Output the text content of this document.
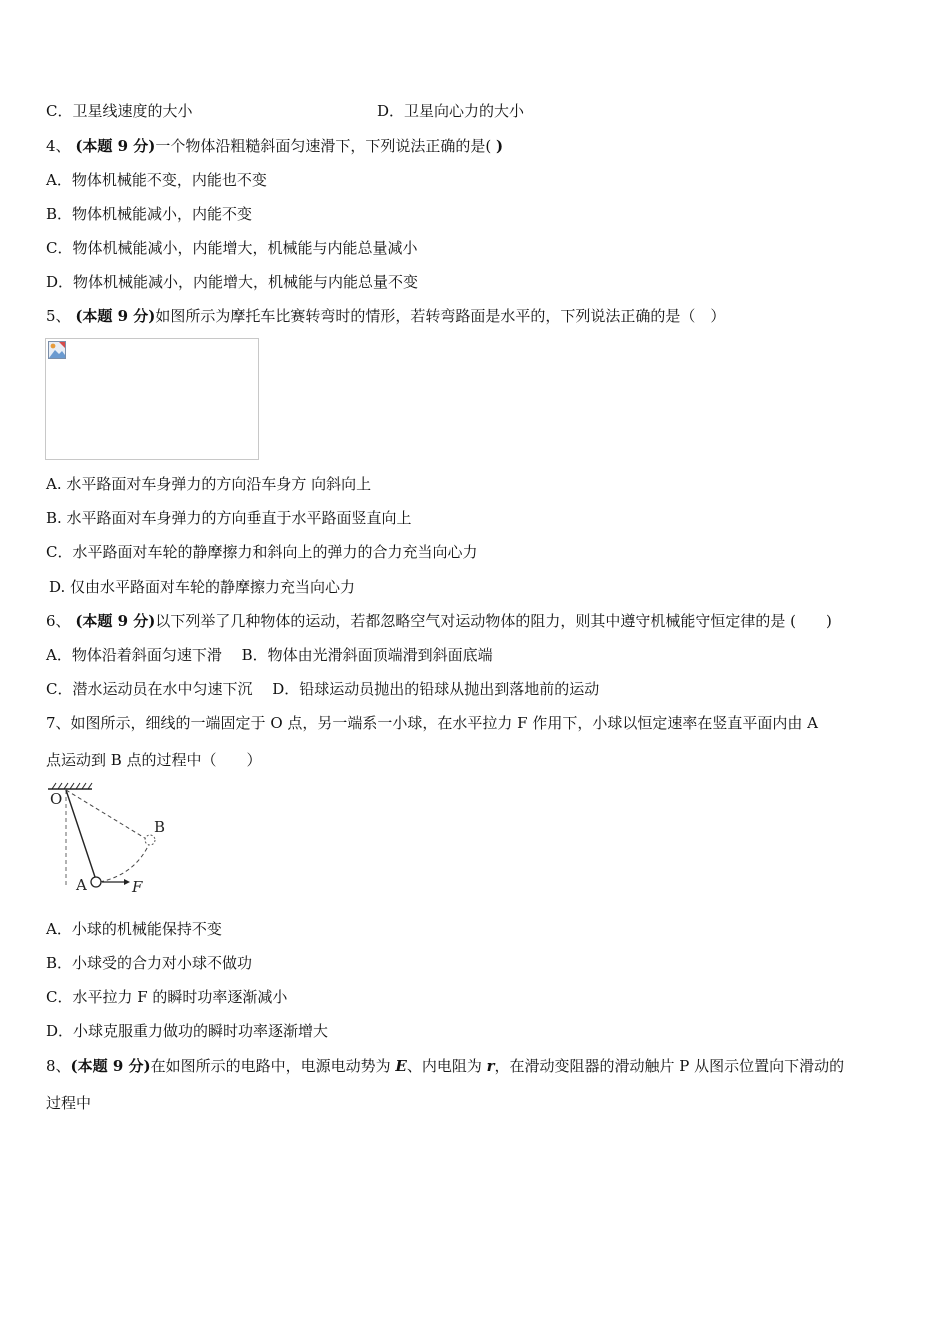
C．卫星线速度的大小	D．卫星向心力的大小
4、 (本题 9 分)一个物体沿粗糙斜面匀速滑下，下列说法正确的是( )
A．物体机械能不变，内能也不变
B．物体机械能减小，内能不变
C．物体机械能减小，内能增大，机械能与内能总量减小
D．物体机械能减小，内能增大，机械能与内能总量不变
5、 (本题 9 分)如图所示为摩托车比赛转弯时的情形，若转弯路面是水平的，下列说法正确的是（　）
A. 水平路面对车身弹力的方向沿车身方 向斜向上
B. 水平路面对车身弹力的方向垂直于水平路面竖直向上
C．水平路面对车轮的静摩擦力和斜向上的弹力的合力充当向心力
D. 仅由水平路面对车轮的静摩擦力充当向心力
6、 (本题 9 分)以下列举了几种物体的运动，若都忽略空气对运动物体的阻力，则其中遵守机械能守恒定律的是 (　　)
A．物体沿着斜面匀速下滑　 B．物体由光滑斜面顶端滑到斜面底端
C．潜水运动员在水中匀速下沉　 D．铅球运动员抛出的铅球从抛出到落地前的运动
7、如图所示，细线的一端固定于 O 点，另一端系一小球，在水平拉力 F 作用下，小球以恒定速率在竖直平面内由 A
点运动到 B 点的过程中（　　）
O
A
B
F
A．小球的机械能保持不变
B．小球受的合力对小球不做功
C．水平拉力 F 的瞬时功率逐渐减小
D．小球克服重力做功的瞬时功率逐渐增大
8、(本题 9 分)在如图所示的电路中，电源电动势为 E、内电阻为 r，在滑动变阻器的滑动触片 P 从图示位置向下滑动的
过程中
